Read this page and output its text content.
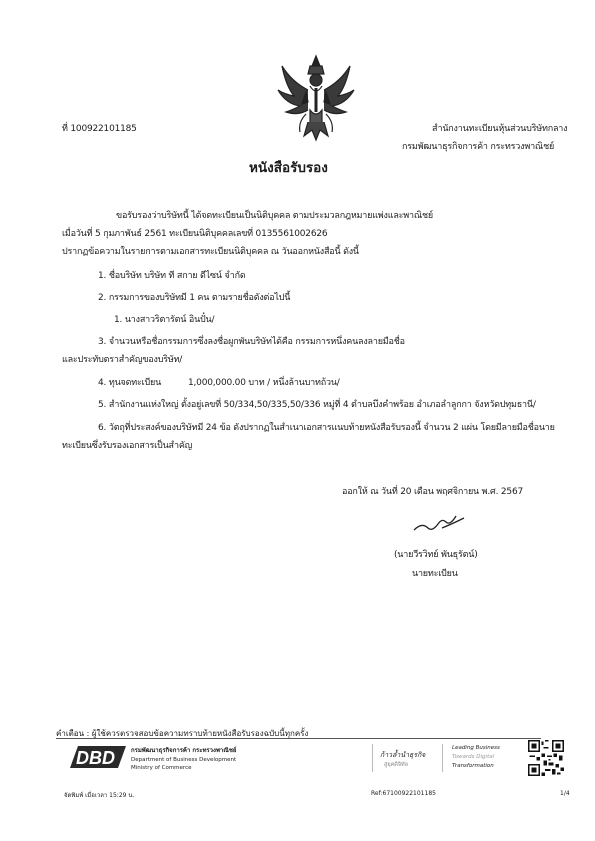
ที่ 100922101185	สำนักงานทะเบียนหุ้นส่วนบริษัทกลาง
กรมพัฒนาธุรกิจการค้า กระทรวงพาณิชย์
หนังสือรับรอง
ขอรับรองว่าบริษัทนี้ ได้จดทะเบียนเป็นนิติบุคคล ตามประมวลกฎหมายแพ่งและพาณิชย์
เมื่อวันที่ 5 กุมภาพันธ์ 2561 ทะเบียนนิติบุคคลเลขที่ 0135561002626
ปรากฏข้อความในรายการตามเอกสารทะเบียนนิติบุคคล ณ วันออกหนังสือนี้ ดังนี้
1. ชื่อบริษัท บริษัท ที สกาย ดีไซน์ จำกัด
2. กรรมการของบริษัทมี 1 คน ตามรายชื่อดังต่อไปนี้
1. นางสาวริตารัตน์ อินปั๋น/
3. จำนวนหรือชื่อกรรมการซึ่งลงชื่อผูกพันบริษัทได้คือ กรรมการหนึ่งคนลงลายมือชื่อ
และประทับตราสำคัญของบริษัท/
4. ทุนจดทะเบียน	1,000,000.00 บาท / หนึ่งล้านบาทถ้วน/
5. สำนักงานแห่งใหญ่ ตั้งอยู่เลขที่ 50/334,50/335,50/336 หมู่ที่ 4 ตำบลบึงคำพร้อย อำเภอลำลูกกา จังหวัดปทุมธานี/
6. วัตถุที่ประสงค์ของบริษัทมี 24 ข้อ ดังปรากฏในสำเนาเอกสารแนบท้ายหนังสือรับรองนี้ จำนวน 2 แผ่น โดยมีลายมือชื่อนาย
ทะเบียนซึ่งรับรองเอกสารเป็นสำคัญ
ออกให้ ณ วันที่ 20 เดือน พฤศจิกายน พ.ศ. 2567
(นายวีรวิทย์ พันธุรัตน์)
นายทะเบียน
คำเตือน : ผู้ใช้ควรตรวจสอบข้อความทราบท้ายหนังสือรับรองฉบับนี้ทุกครั้ง
DBD	กรมพัฒนาธุรกิจการค้า กระทรวงพาณิชย์
Department of Business Development
Ministry of Commerce
ก้าวล้ำนำธุรกิจ
สู่ยุคดิจิทัล
Leading Business
Towards Digital
Transformation
จัดพิมพ์ เมื่อเวลา 15:29 น.	Ref:67100922101185	1/4
